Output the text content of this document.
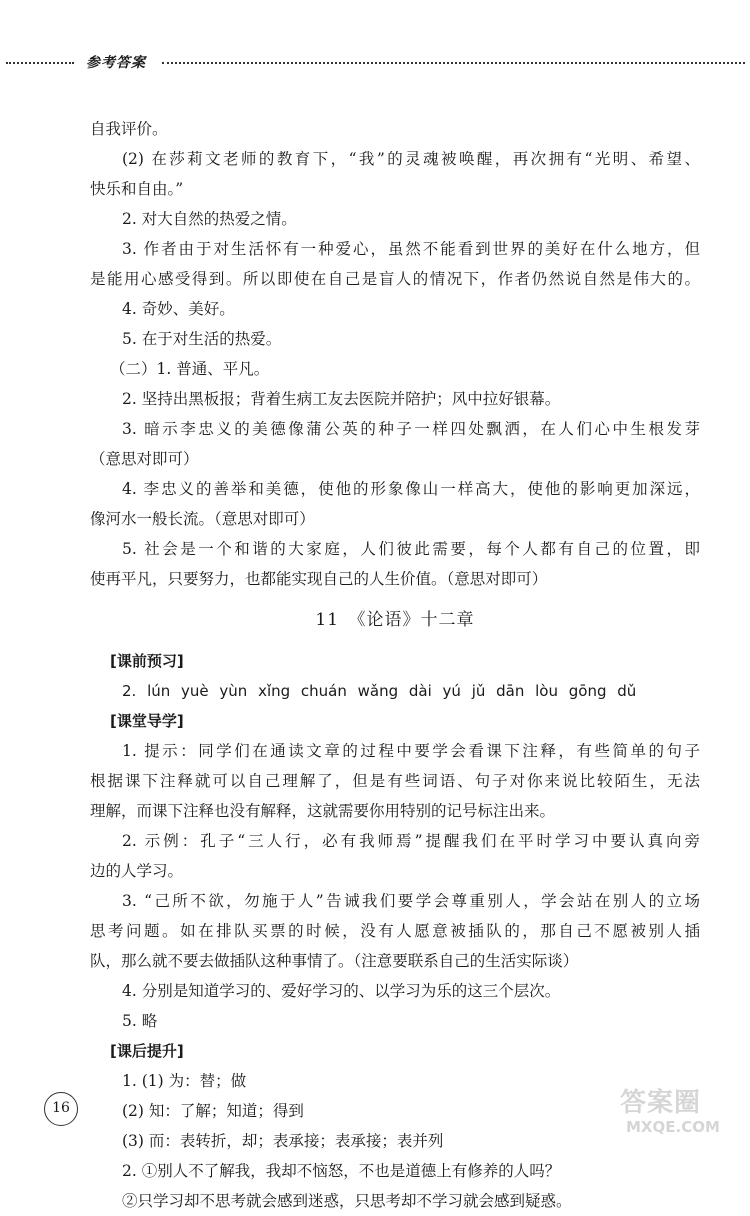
参考答案
自我评价。
(2) 在莎莉文老师的教育下，“我”的灵魂被唤醒，再次拥有“光明、希望、
快乐和自由。”
2. 对大自然的热爱之情。
3. 作者由于对生活怀有一种爱心，虽然不能看到世界的美好在什么地方，但
是能用心感受得到。所以即使在自己是盲人的情况下，作者仍然说自然是伟大的。
4. 奇妙、美好。
5. 在于对生活的热爱。
（二）1. 普通、平凡。
2. 坚持出黑板报；背着生病工友去医院并陪护；风中拉好银幕。
3. 暗示李忠义的美德像蒲公英的种子一样四处飘洒，在人们心中生根发芽
（意思对即可）
4. 李忠义的善举和美德，使他的形象像山一样高大，使他的影响更加深远，
像河水一般长流。（意思对即可）
5. 社会是一个和谐的大家庭，人们彼此需要，每个人都有自己的位置，即
使再平凡，只要努力，也都能实现自己的人生价值。（意思对即可）
11　《论语》十二章
[课前预习]
2. lún yuè yùn xǐng chuán wǎng dài yú jǔ dān lòu gōng dǔ
[课堂导学]
1. 提示：同学们在通读文章的过程中要学会看课下注释，有些简单的句子
根据课下注释就可以自己理解了，但是有些词语、句子对你来说比较陌生，无法
理解，而课下注释也没有解释，这就需要你用特别的记号标注出来。
2. 示例：孔子“三人行，必有我师焉”提醒我们在平时学习中要认真向旁
边的人学习。
3. “己所不欲，勿施于人”告诫我们要学会尊重别人，学会站在别人的立场
思考问题。如在排队买票的时候，没有人愿意被插队的，那自己不愿被别人插
队，那么就不要去做插队这种事情了。（注意要联系自己的生活实际谈）
4. 分别是知道学习的、爱好学习的、以学习为乐的这三个层次。
5. 略
[课后提升]
1. (1) 为：替；做
(2) 知：了解；知道；得到
(3) 而：表转折，却；表承接；表承接；表并列
2. ①别人不了解我，我却不恼怒，不也是道德上有修养的人吗？
②只学习却不思考就会感到迷惑，只思考却不学习就会感到疑惑。
16	答案圈
MXQE.COM
